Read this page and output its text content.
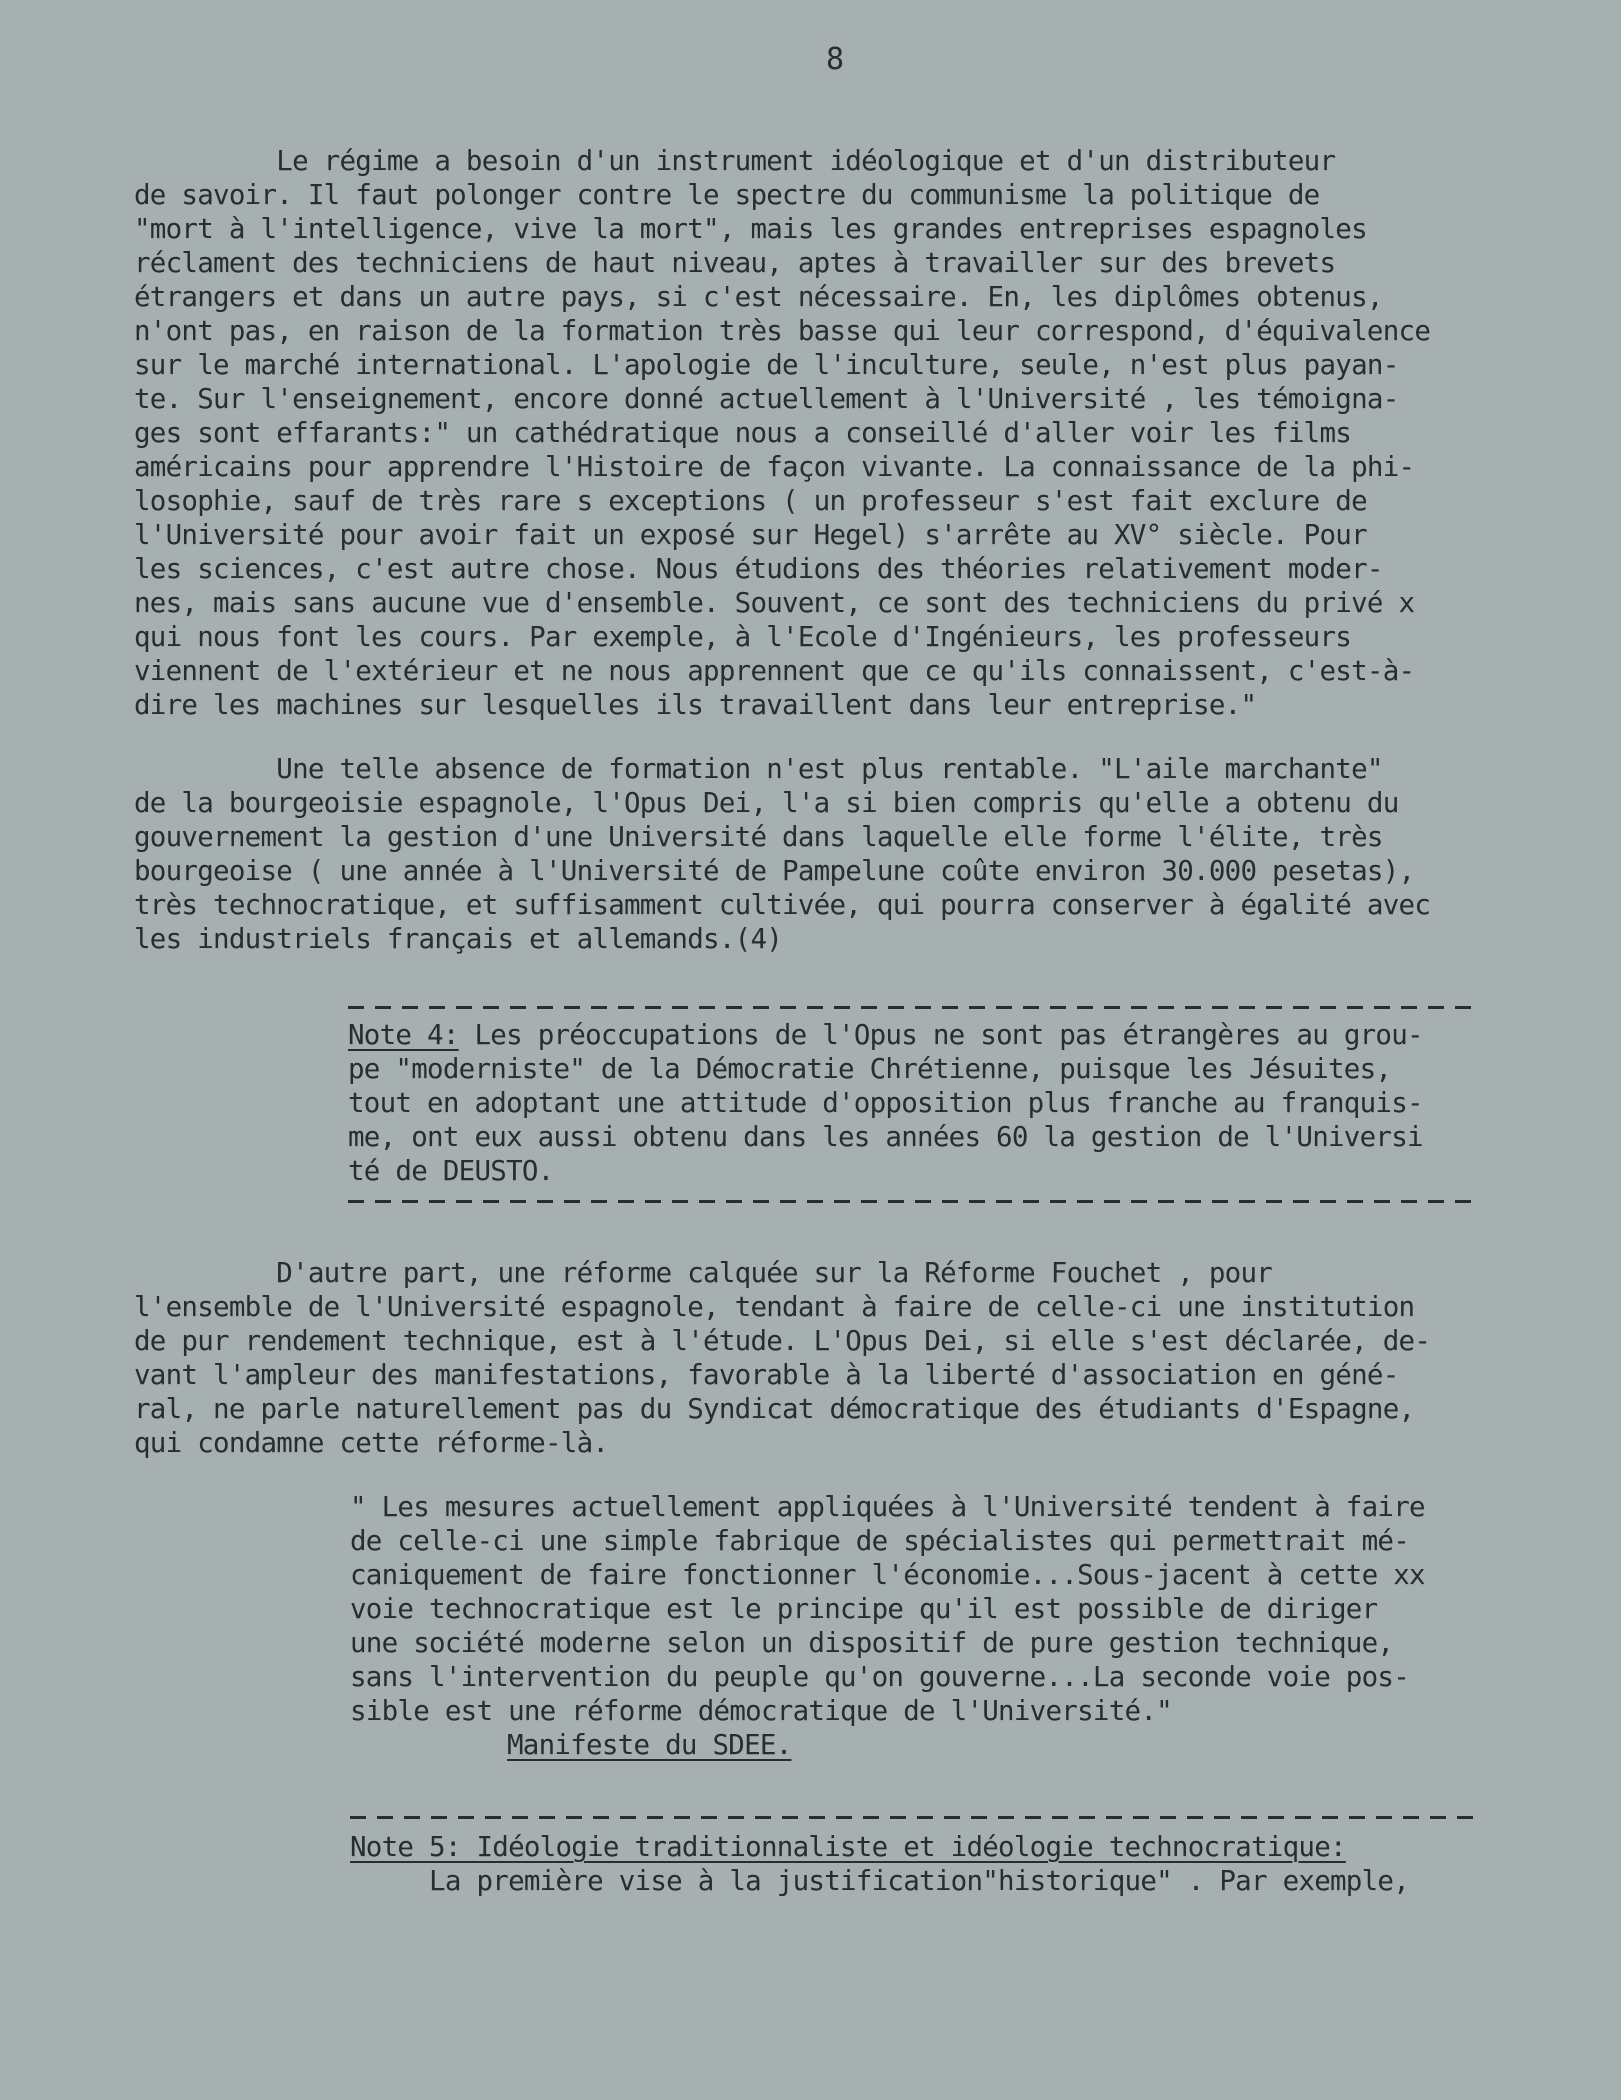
8
Le régime a besoin d'un instrument idéologique et d'un distributeur
de savoir. Il faut polonger contre le spectre du communisme la politique de
"mort à l'intelligence, vive la mort", mais les grandes entreprises espagnoles
réclament des techniciens de haut niveau, aptes à travailler sur des brevets
étrangers et dans un autre pays, si c'est nécessaire. En, les diplômes obtenus,
n'ont pas, en raison de la formation très basse qui leur correspond, d'équivalence
sur le marché international. L'apologie de l'inculture, seule, n'est plus payan-
te. Sur l'enseignement, encore donné actuellement à l'Université , les témoigna-
ges sont effarants:" un cathédratique nous a conseillé d'aller voir les films
américains pour apprendre l'Histoire de façon vivante. La connaissance de la phi-
losophie, sauf de très rare s exceptions ( un professeur s'est fait exclure de
l'Université pour avoir fait un exposé sur Hegel) s'arrête au XV° siècle. Pour
les sciences, c'est autre chose. Nous étudions des théories relativement moder-
nes, mais sans aucune vue d'ensemble. Souvent, ce sont des techniciens du privé x
qui nous font les cours. Par exemple, à l'Ecole d'Ingénieurs, les professeurs
viennent de l'extérieur et ne nous apprennent que ce qu'ils connaissent, c'est-à-
dire les machines sur lesquelles ils travaillent dans leur entreprise."
Une telle absence de formation n'est plus rentable. "L'aile marchante"
de la bourgeoisie espagnole, l'Opus Dei, l'a si bien compris qu'elle a obtenu du
gouvernement la gestion d'une Université dans laquelle elle forme l'élite, très
bourgeoise ( une année à l'Université de Pampelune coûte environ 30.000 pesetas),
très technocratique, et suffisamment cultivée, qui pourra conserver à égalité avec
les industriels français et allemands.(4)
Note 4: Les préoccupations de l'Opus ne sont pas étrangères au grou-
pe "moderniste" de la Démocratie Chrétienne, puisque les Jésuites,
tout en adoptant une attitude d'opposition plus franche au franquis-
me, ont eux aussi obtenu dans les années 60 la gestion de l'Universi
té de DEUSTO.
D'autre part, une réforme calquée sur la Réforme Fouchet , pour
l'ensemble de l'Université espagnole, tendant à faire de celle-ci une institution
de pur rendement technique, est à l'étude. L'Opus Dei, si elle s'est déclarée, de-
vant l'ampleur des manifestations, favorable à la liberté d'association en géné-
ral, ne parle naturellement pas du Syndicat démocratique des étudiants d'Espagne,
qui condamne cette réforme-là.
" Les mesures actuellement appliquées à l'Université tendent à faire
de celle-ci une simple fabrique de spécialistes qui permettrait mé-
caniquement de faire fonctionner l'économie...Sous-jacent à cette xx
voie technocratique est le principe qu'il est possible de diriger
une société moderne selon un dispositif de pure gestion technique,
sans l'intervention du peuple qu'on gouverne...La seconde voie pos-
sible est une réforme démocratique de l'Université."
Manifeste du SDEE.
Note 5: Idéologie traditionnaliste et idéologie technocratique:
La première vise à la justification"historique" . Par exemple,
